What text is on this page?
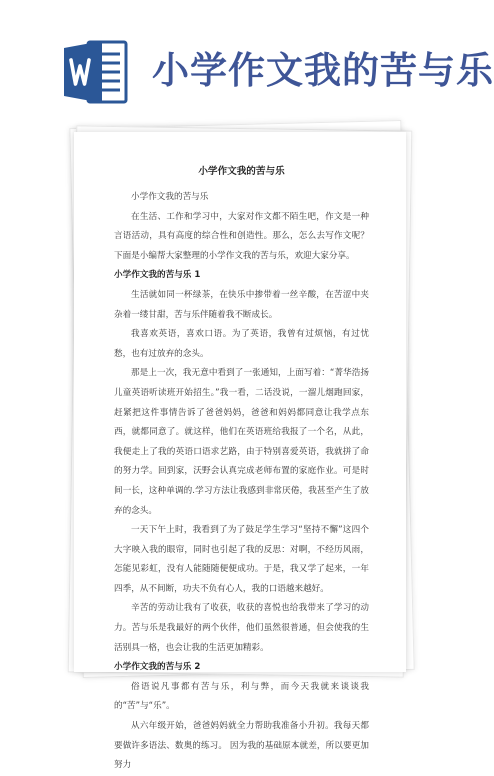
小学作文我的苦与乐

小学作文我的苦与乐

小学作文我的苦与乐

在生活、工作和学习中，大家对作文都不陌生吧，作文是一种言语活动，具有高度的综合性和创造性。那么，怎么去写作文呢？下面是小编帮大家整理的小学作文我的苦与乐，欢迎大家分享。

小学作文我的苦与乐 1

生活就如同一杯绿茶，在快乐中掺带着一丝辛酸，在苦涩中夹杂着一缕甘甜，苦与乐伴随着我不断成长。

我喜欢英语，喜欢口语。为了英语，我曾有过烦恼，有过忧愁，也有过放弃的念头。

那是上一次，我无意中看到了一张通知，上面写着：“菁华浩扬儿童英语听读班开始招生。”我一看，二话没说，一溜儿烟跑回家，赶紧把这件事情告诉了爸爸妈妈，爸爸和妈妈都同意让我学点东西，就都同意了。就这样，他们在英语班给我报了一个名，从此，我便走上了我的英语口语求艺路，由于特别喜爱英语，我就拼了命的努力学。回到家，沃野会认真完成老师布置的家庭作业。可是时间一长，这种单调的.学习方法让我感到非常厌倦，我甚至产生了放弃的念头。

一天下午上时，我看到了为了鼓足学生学习“坚持不懈”这四个大字映入我的眼帘，同时也引起了我的反思：对啊，不经历风雨，怎能见彩虹，没有人能随随便便成功。于是，我又学了起来，一年四季，从不间断，功夫不负有心人，我的口语越来越好。

辛苦的劳动让我有了收获，收获的喜悦也给我带来了学习的动力。苦与乐是我最好的两个伙伴，他们虽然很普通，但会使我的生活别具一格，也会让我的生活更加精彩。

小学作文我的苦与乐 2

俗语说凡事都有苦与乐，利与弊，而今天我就来谈谈我的“苦”与“乐”。

从六年级开始，爸爸妈妈就全力帮助我准备小升初。我每天都要做许多语法、数奥的练习。 因为我的基础原本就差，所以要更加努力
